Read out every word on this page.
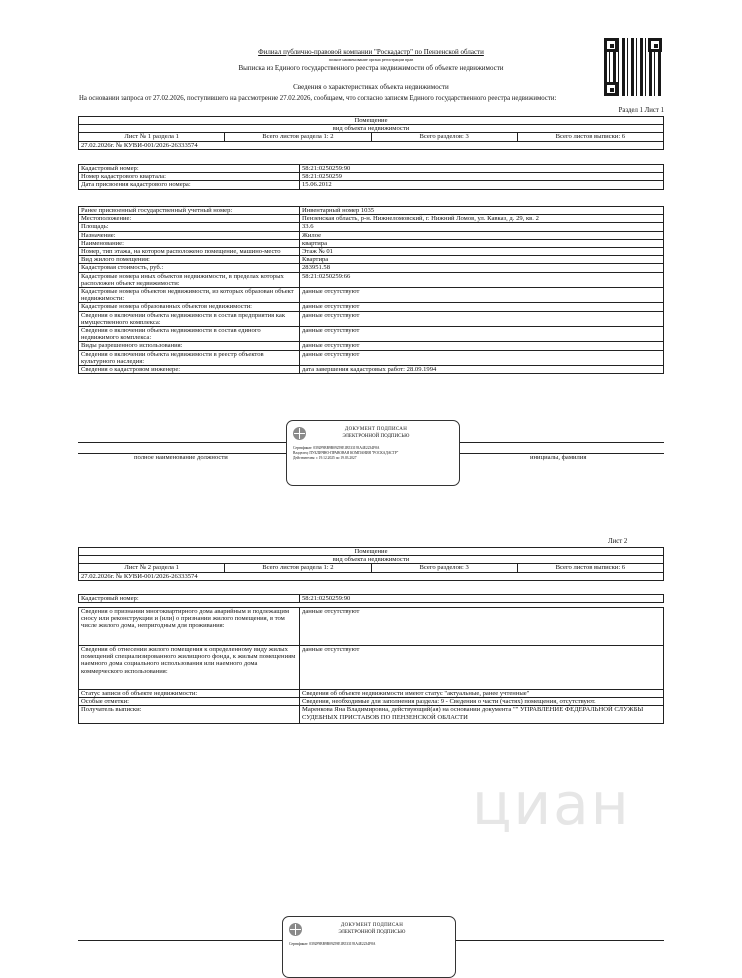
Филиал публично-правовой компании "Роскадастр" по Пензенской области
полное наименование органа регистрации прав
Выписка из Единого государственного реестра недвижимости об объекте недвижимости
Сведения о характеристиках объекта недвижимости
На основании запроса от 27.02.2026, поступившего на рассмотрение 27.02.2026, сообщаем, что согласно записям Единого государственного реестра недвижимости:
Раздел 1 Лист 1
Помещение
вид объекта недвижимости
Лист № 1 раздела 1	Всего листов раздела 1: 2	Всего разделов: 3	Всего листов выписки: 6
27.02.2026г. № КУВИ-001/2026-26333574
Кадастровый номер:	58:21:0250259:90
Номер кадастрового квартала:	58:21:0250259
Дата присвоения кадастрового номера:	15.06.2012
Ранее присвоенный государственный учетный номер:	Инвентарный номер 1035
Местоположение:	Пензенская область, р-н. Нижнеломовский, г. Нижний Ломов, ул. Кавказ, д. 29, кв. 2
Площадь:	33.6
Назначение:	Жилое
Наименование:	квартира
Номер, тип этажа, на котором расположено помещение, машино-место	Этаж № 01
Вид жилого помещения:	Квартира
Кадастровая стоимость, руб.:	283951.58
Кадастровые номера иных объектов недвижимости, в пределах которых расположен объект недвижимости:	58:21:0250259:66
Кадастровые номера объектов недвижимости, из которых образован объект недвижимости:	данные отсутствуют
Кадастровые номера образованных объектов недвижимости:	данные отсутствуют
Сведения о включении объекта недвижимости в состав предприятия как имущественного комплекса:	данные отсутствуют
Сведения о включении объекта недвижимости в состав единого недвижимого комплекса:	данные отсутствуют
Виды разрешенного использования:	данные отсутствуют
Сведения о включении объекта недвижимости в реестр объектов культурного наследия:	данные отсутствуют
Сведения о кадастровом инженере:	дата завершения кадастровых работ: 28.09.1994
полное наименование должности	инициалы, фамилия
ДОКУМЕНТ ПОДПИСАН
ЭЛЕКТРОННОЙ ПОДПИСЬЮ
Сертификат: 0392F9BB9B09259E1B533193A4E2234F8A
Владелец: ПУБЛИЧНО-ПРАВОВАЯ КОМПАНИЯ "РОСКАДАСТР"
Действителен: с 19.12.2025 по 19.03.2027
Лист 2
Помещение
вид объекта недвижимости
Лист № 2 раздела 1	Всего листов раздела 1: 2	Всего разделов: 3	Всего листов выписки: 6
27.02.2026г. № КУВИ-001/2026-26333574
Кадастровый номер:	58:21:0250259:90
Сведения о признании многоквартирного дома аварийным и подлежащим сносу или реконструкции и (или) о признании жилого помещения, в том числе жилого дома, непригодным для проживания:	данные отсутствуют
Сведения об отнесении жилого помещения к определенному виду жилых помещений специализированного жилищного фонда, к жилым помещениям наемного дома социального использования или наемного дома коммерческого использования:	данные отсутствуют
Статус записи об объекте недвижимости:	Сведения об объекте недвижимости имеют статус "актуальные, ранее учтенные"
Особые отметки:	Сведения, необходимые для заполнения раздела: 9 - Сведения о части (частях) помещения, отсутствуют.
Получатель выписки:	Маренкова Яна Владимировна, действующий(ая) на основании документа "" УПРАВЛЕНИЕ ФЕДЕРАЛЬНОЙ СЛУЖБЫ СУДЕБНЫХ ПРИСТАВОВ ПО ПЕНЗЕНСКОЙ ОБЛАСТИ
циан
ДОКУМЕНТ ПОДПИСАН
ЭЛЕКТРОННОЙ ПОДПИСЬЮ
Сертификат: 0392F9BB9B09259E1B533193A4E2234F8A
